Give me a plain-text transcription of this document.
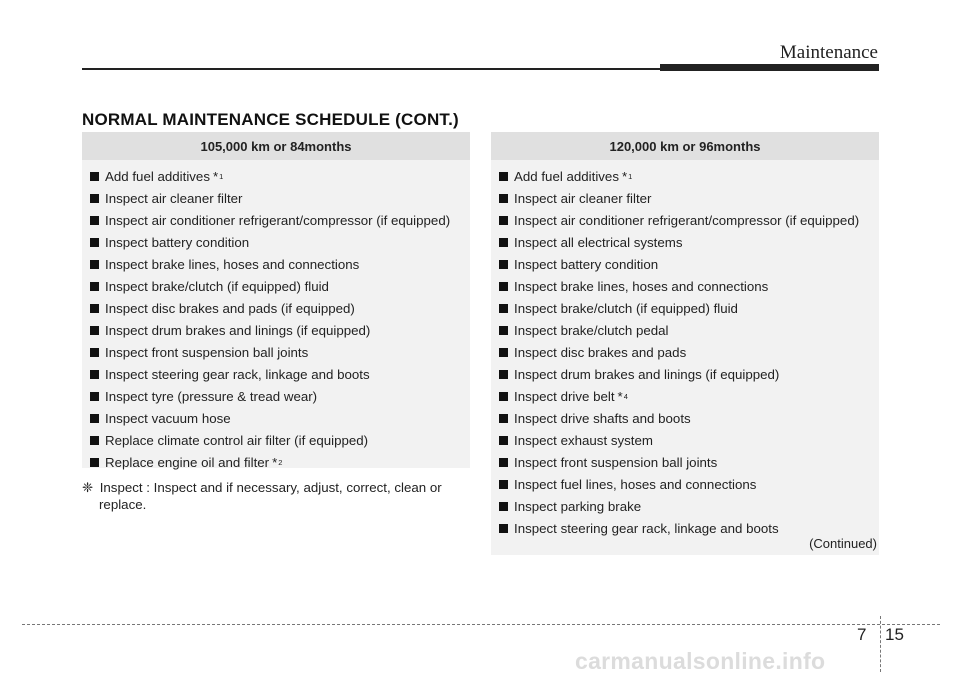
Maintenance
NORMAL MAINTENANCE SCHEDULE (CONT.)
105,000 km or 84months
Add fuel additives * 1
Inspect air cleaner filter
Inspect air conditioner refrigerant/compressor (if equipped)
Inspect battery condition
Inspect brake lines, hoses and connections
Inspect brake/clutch (if equipped) fluid
Inspect disc brakes and pads (if equipped)
Inspect drum brakes and linings (if equipped)
Inspect front suspension ball joints
Inspect steering gear rack, linkage and boots
Inspect tyre (pressure & tread wear)
Inspect vacuum hose
Replace climate control air filter (if equipped)
Replace engine oil and filter * 2
120,000 km or 96months
Add fuel additives * 1
Inspect air cleaner filter
Inspect air conditioner refrigerant/compressor (if equipped)
Inspect all electrical systems
Inspect battery condition
Inspect brake lines, hoses and connections
Inspect brake/clutch (if equipped) fluid
Inspect brake/clutch pedal
Inspect disc brakes and pads
Inspect drum brakes and linings (if equipped)
Inspect drive belt * 4
Inspect drive shafts and boots
Inspect exhaust system
Inspect front suspension ball joints
Inspect fuel lines, hoses and connections
Inspect parking brake
Inspect steering gear rack, linkage and boots
(Continued)
❈ Inspect : Inspect and if necessary, adjust, correct, clean or
replace.
7 15
carmanualsonline.info
